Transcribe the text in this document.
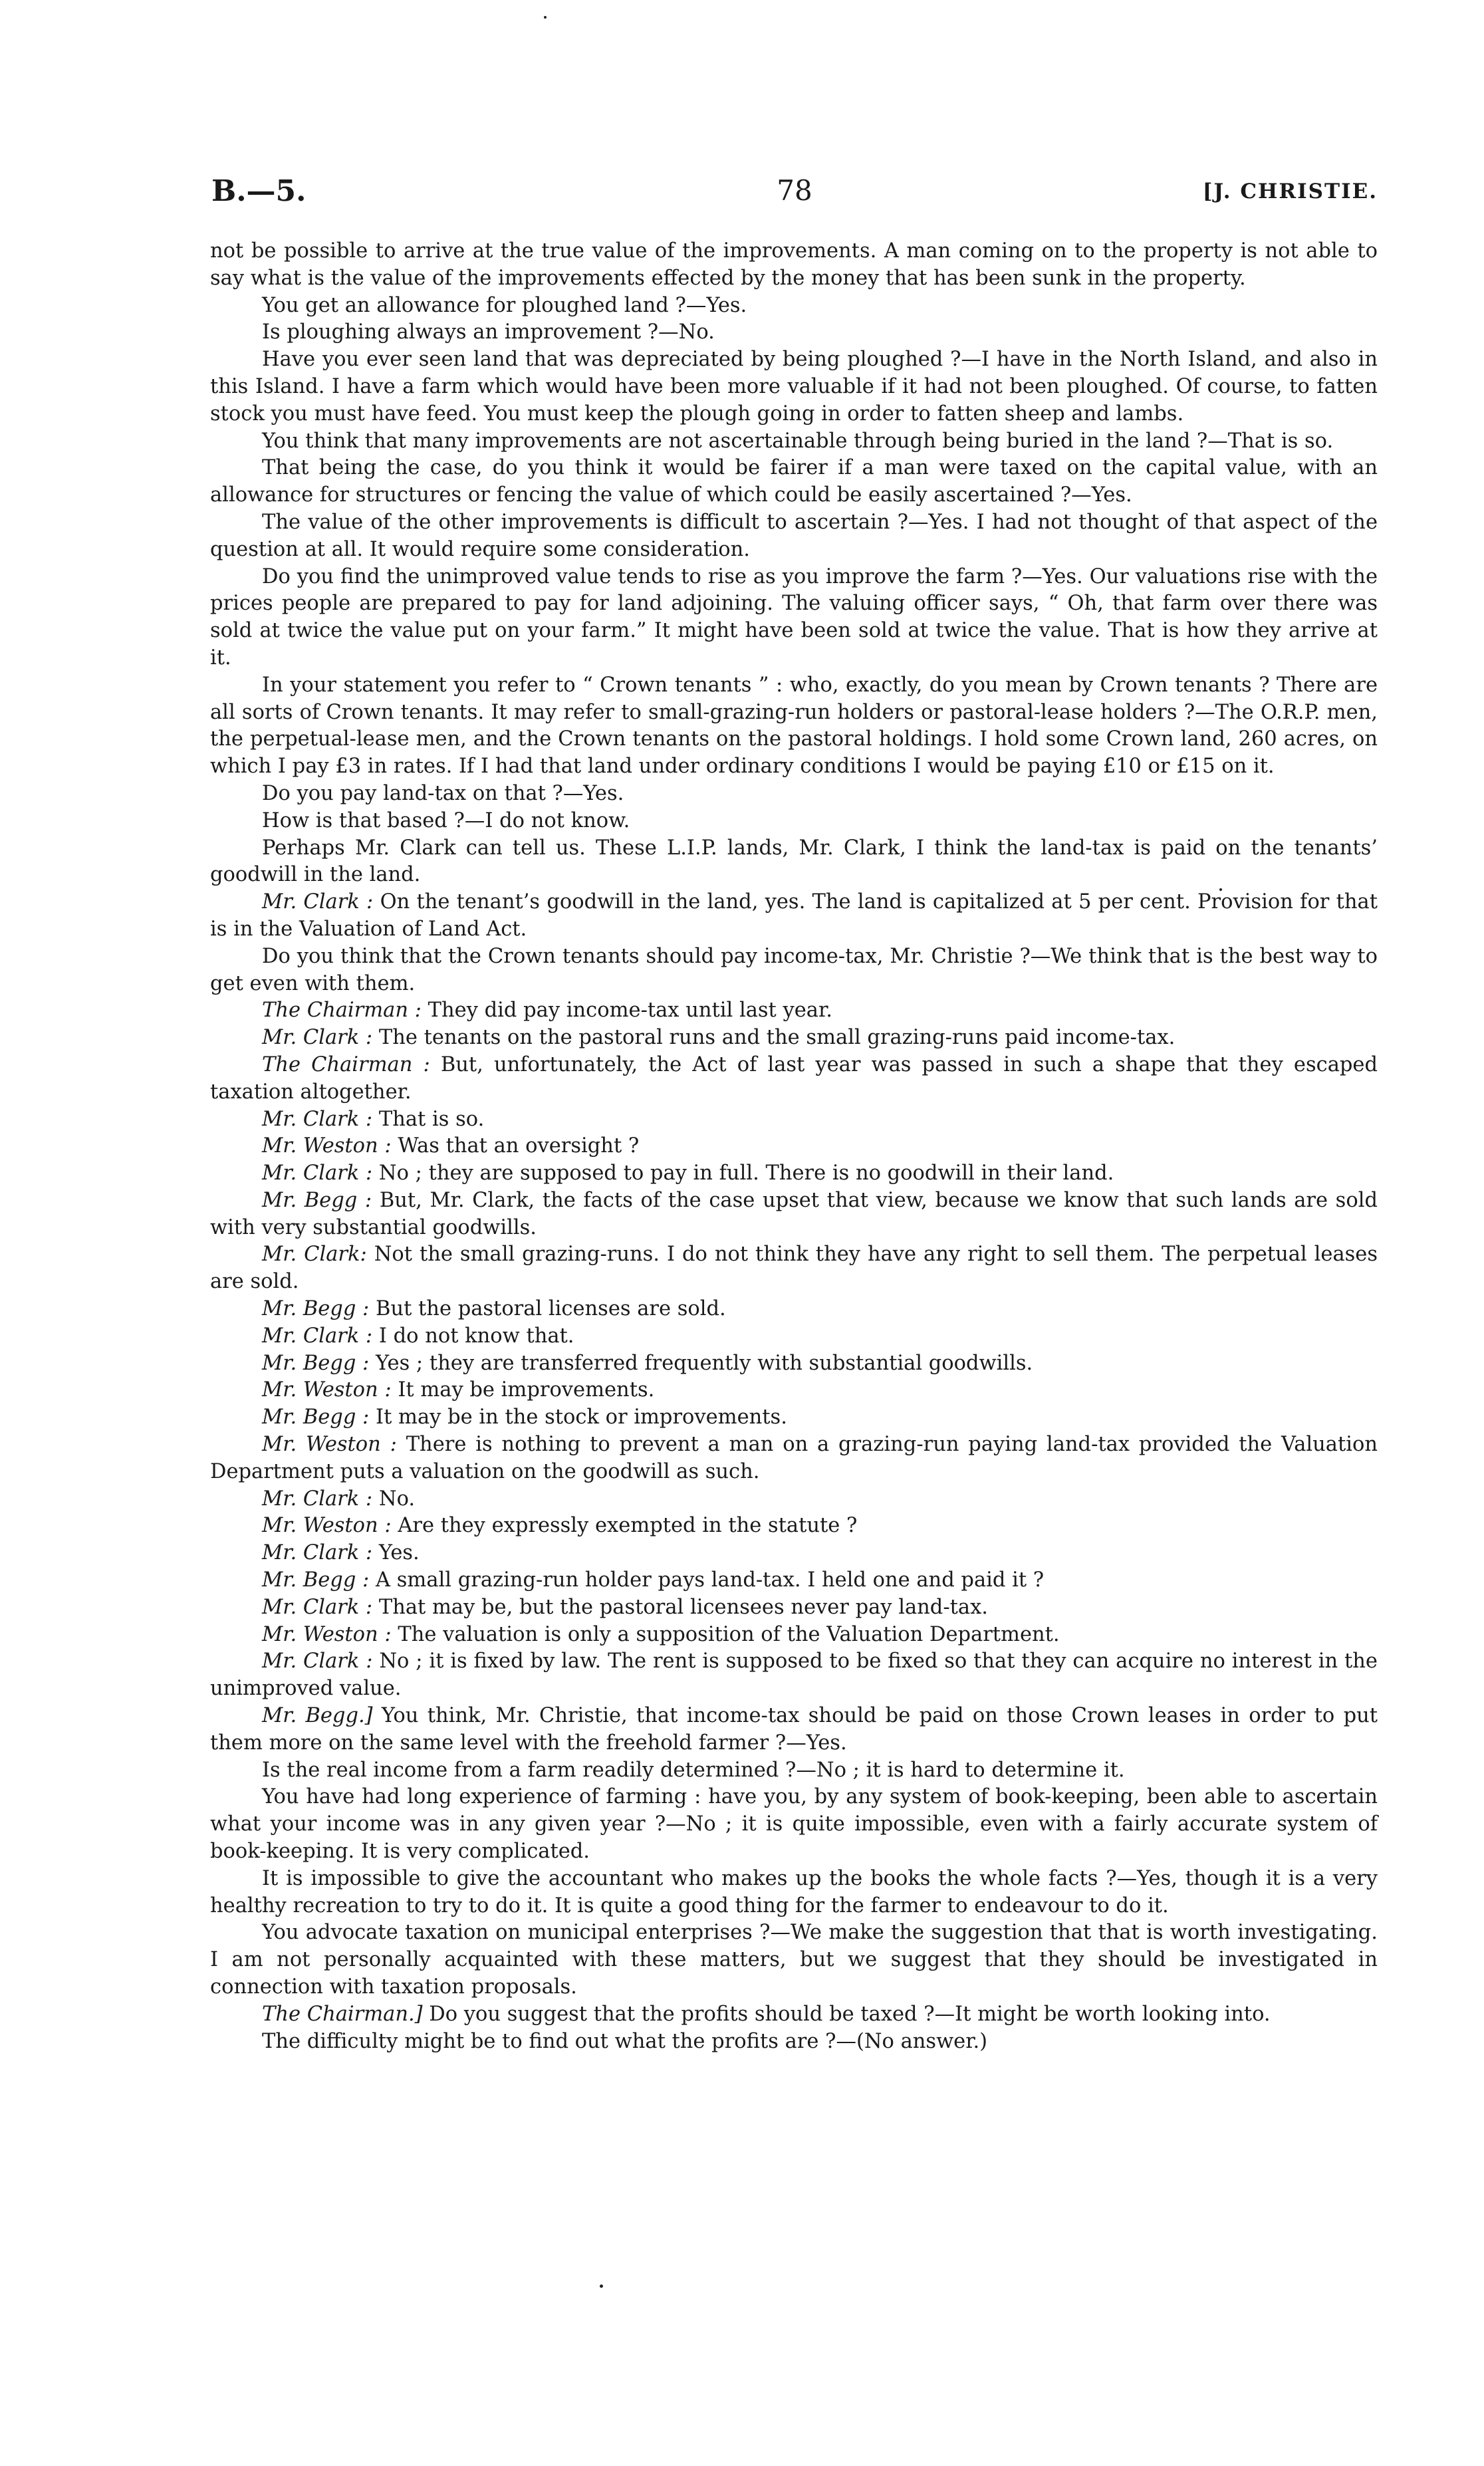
B.—5.	78	[J. CHRISTIE.

not be possible to arrive at the true value of the improvements. A man coming on to the property is not able to say what is the value of the improvements effected by the money that has been sunk in the property.

You get an allowance for ploughed land ?—Yes.

Is ploughing always an improvement ?—No.

Have you ever seen land that was depreciated by being ploughed ?—I have in the North Island, and also in this Island. I have a farm which would have been more valuable if it had not been ploughed. Of course, to fatten stock you must have feed. You must keep the plough going in order to fatten sheep and lambs.

You think that many improvements are not ascertainable through being buried in the land ?—That is so.

That being the case, do you think it would be fairer if a man were taxed on the capital value, with an allowance for structures or fencing the value of which could be easily ascertained ?—Yes.

The value of the other improvements is difficult to ascertain ?—Yes. I had not thought of that aspect of the question at all. It would require some consideration.

Do you find the unimproved value tends to rise as you improve the farm ?—Yes. Our valuations rise with the prices people are prepared to pay for land adjoining. The valuing officer says, “ Oh, that farm over there was sold at twice the value put on your farm.” It might have been sold at twice the value. That is how they arrive at it.

In your statement you refer to “ Crown tenants ” : who, exactly, do you mean by Crown tenants ? There are all sorts of Crown tenants. It may refer to small-grazing-run holders or pastoral-lease holders ?—The O.R.P. men, the perpetual-lease men, and the Crown tenants on the pastoral holdings. I hold some Crown land, 260 acres, on which I pay £3 in rates. If I had that land under ordinary conditions I would be paying £10 or £15 on it.

Do you pay land-tax on that ?—Yes.

How is that based ?—I do not know.

Perhaps Mr. Clark can tell us. These L.I.P. lands, Mr. Clark, I think the land-tax is paid on the tenants’ goodwill in the land.

Mr. Clark : On the tenant’s goodwill in the land, yes. The land is capitalized at 5 per cent. Provision for that is in the Valuation of Land Act.

Do you think that the Crown tenants should pay income-tax, Mr. Christie ?—We think that is the best way to get even with them.

The Chairman : They did pay income-tax until last year.

Mr. Clark : The tenants on the pastoral runs and the small grazing-runs paid income-tax.

The Chairman : But, unfortunately, the Act of last year was passed in such a shape that they escaped taxation altogether.

Mr. Clark : That is so.

Mr. Weston : Was that an oversight ?

Mr. Clark : No ; they are supposed to pay in full. There is no goodwill in their land.

Mr. Begg : But, Mr. Clark, the facts of the case upset that view, because we know that such lands are sold with very substantial goodwills.

Mr. Clark: Not the small grazing-runs. I do not think they have any right to sell them. The perpetual leases are sold.

Mr. Begg : But the pastoral licenses are sold.

Mr. Clark : I do not know that.

Mr. Begg : Yes ; they are transferred frequently with substantial goodwills.

Mr. Weston : It may be improvements.

Mr. Begg : It may be in the stock or improvements.

Mr. Weston : There is nothing to prevent a man on a grazing-run paying land-tax provided the Valuation Department puts a valuation on the goodwill as such.

Mr. Clark : No.

Mr. Weston : Are they expressly exempted in the statute ?

Mr. Clark : Yes.

Mr. Begg : A small grazing-run holder pays land-tax. I held one and paid it ?

Mr. Clark : That may be, but the pastoral licensees never pay land-tax.

Mr. Weston : The valuation is only a supposition of the Valuation Department.

Mr. Clark : No ; it is fixed by law. The rent is supposed to be fixed so that they can acquire no interest in the unimproved value.

Mr. Begg.] You think, Mr. Christie, that income-tax should be paid on those Crown leases in order to put them more on the same level with the freehold farmer ?—Yes.

Is the real income from a farm readily determined ?—No ; it is hard to determine it.

You have had long experience of farming : have you, by any system of book-keeping, been able to ascertain what your income was in any given year ?—No ; it is quite impossible, even with a fairly accurate system of book-keeping. It is very complicated.

It is impossible to give the accountant who makes up the books the whole facts ?—Yes, though it is a very healthy recreation to try to do it. It is quite a good thing for the farmer to endeavour to do it.

You advocate taxation on municipal enterprises ?—We make the suggestion that that is worth investigating. I am not personally acquainted with these matters, but we suggest that they should be investigated in connection with taxation proposals.

The Chairman.] Do you suggest that the profits should be taxed ?—It might be worth looking into.

The difficulty might be to find out what the profits are ?—(No answer.)
